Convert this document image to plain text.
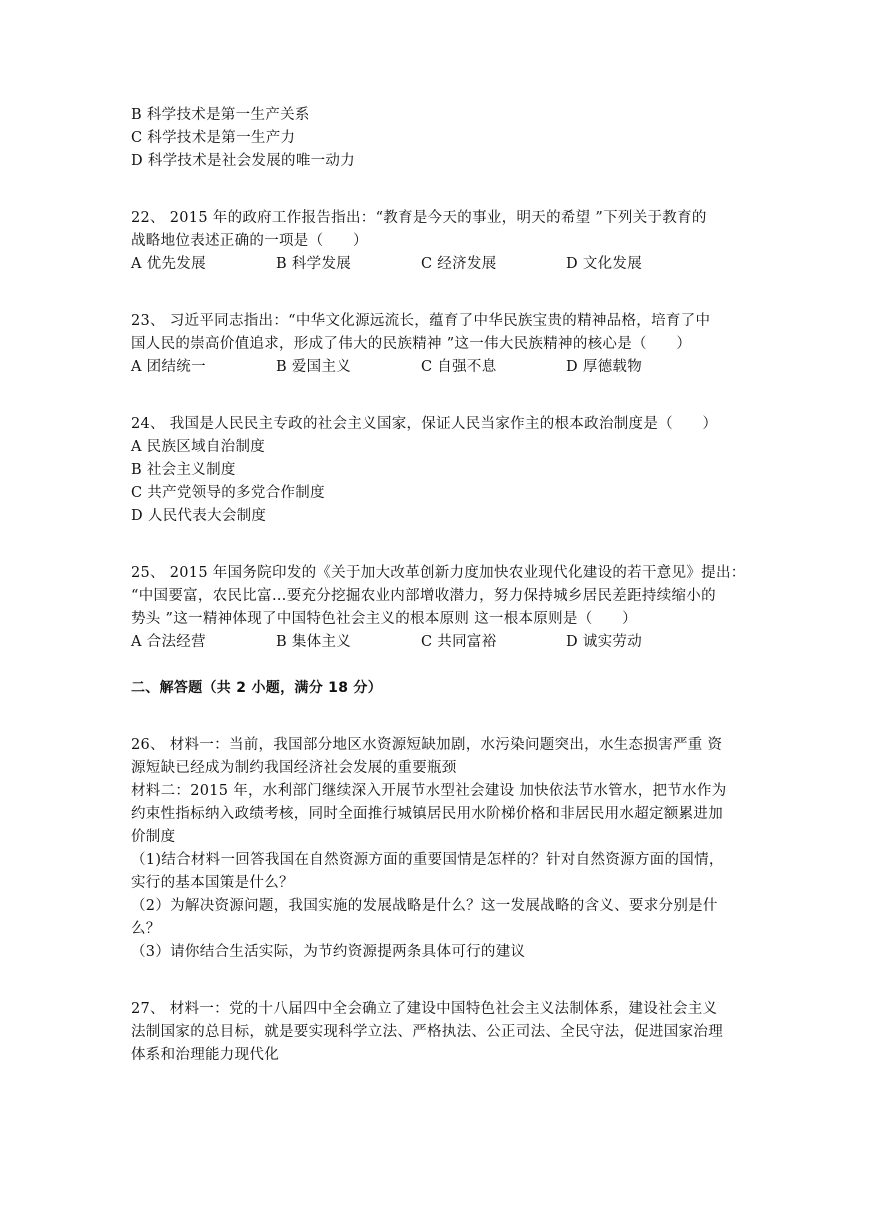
B 科学技术是第一生产关系
C 科学技术是第一生产力
D 科学技术是社会发展的唯一动力
22、 2015 年的政府工作报告指出：“教育是今天的事业，明天的希望 ”下列关于教育的
战略地位表述正确的一项是（　　）
A 优先发展	B 科学发展	C 经济发展	D 文化发展
23、 习近平同志指出：“中华文化源远流长，蕴育了中华民族宝贵的精神品格，培育了中
国人民的崇高价值追求，形成了伟大的民族精神 ”这一伟大民族精神的核心是（　　）
A 团结统一	B 爱国主义	C 自强不息	D 厚德载物
24、 我国是人民民主专政的社会主义国家，保证人民当家作主的根本政治制度是（　　）
A 民族区域自治制度
B 社会主义制度
C 共产党领导的多党合作制度
D 人民代表大会制度
25、 2015 年国务院印发的《关于加大改革创新力度加快农业现代化建设的若干意见》提出：
“中国要富，农民比富…要充分挖掘农业内部增收潜力，努力保持城乡居民差距持续缩小的
势头 ”这一精神体现了中国特色社会主义的根本原则 这一根本原则是（　　）
A 合法经营	B 集体主义	C 共同富裕	D 诚实劳动
二、解答题（共 2 小题，满分 18 分）
26、 材料一：当前，我国部分地区水资源短缺加剧，水污染问题突出，水生态损害严重 资
源短缺已经成为制约我国经济社会发展的重要瓶颈
材料二：2015 年，水利部门继续深入开展节水型社会建设 加快依法节水管水，把节水作为
约束性指标纳入政绩考核，同时全面推行城镇居民用水阶梯价格和非居民用水超定额累进加
价制度
（1)结合材料一回答我国在自然资源方面的重要国情是怎样的？针对自然资源方面的国情，
实行的基本国策是什么？
（2）为解决资源问题，我国实施的发展战略是什么？这一发展战略的含义、要求分别是什
么？
（3）请你结合生活实际，为节约资源提两条具体可行的建议
27、 材料一：党的十八届四中全会确立了建设中国特色社会主义法制体系，建设社会主义
法制国家的总目标，就是要实现科学立法、严格执法、公正司法、全民守法，促进国家治理
体系和治理能力现代化
